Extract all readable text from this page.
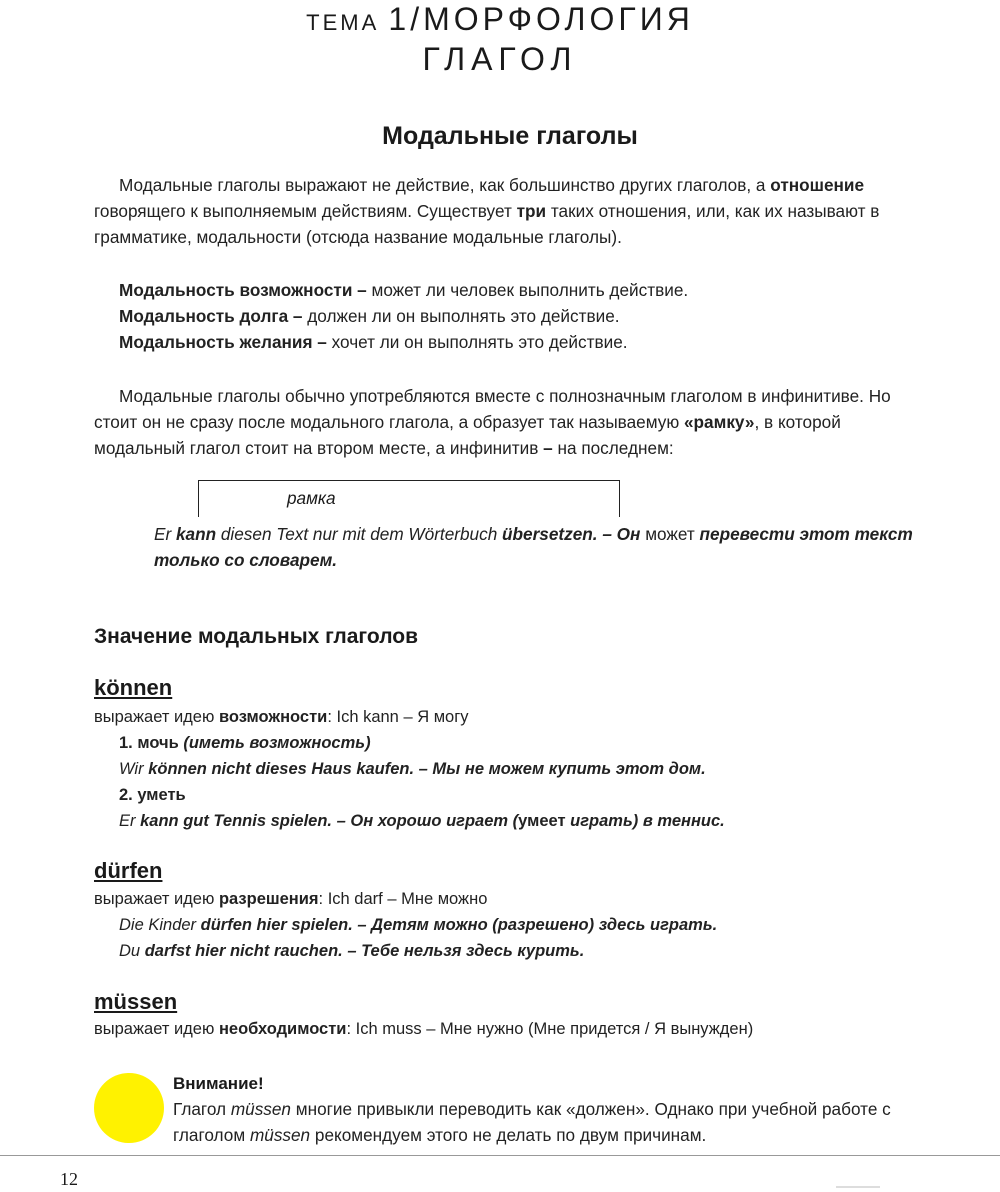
ТЕМА 1/МОРФОЛОГИЯ
ГЛАГОЛ
Модальные глаголы
Модальные глаголы выражают не действие, как большинство других глаголов, а отношение говорящего к выполняемым действиям. Существует три таких отношения, или, как их называют в грамматике, модальности (отсюда название модальные глаголы).
Модальность возможности – может ли человек выполнить действие.
Модальность долга – должен ли он выполнять это действие.
Модальность желания – хочет ли он выполнять это действие.
Модальные глаголы обычно употребляются вместе с полнозначным глаголом в инфинитиве. Но стоит он не сразу после модального глагола, а образует так называемую «рамку», в которой модальный глагол стоит на втором месте, а инфинитив – на последнем:
рамка
Er kann diesen Text nur mit dem Wörterbuch übersetzen. – Он может перевести этот текст только со словарем.
Значение модальных глаголов
können
выражает идею возможности: Ich kann – Я могу
1. мочь (иметь возможность)
Wir können nicht dieses Haus kaufen. – Мы не можем купить этот дом.
2. уметь
Er kann gut Tennis spielen. – Он хорошо играет (умеет играть) в теннис.
dürfen
выражает идею разрешения: Ich darf – Мне можно
Die Kinder dürfen hier spielen. – Детям можно (разрешено) здесь играть.
Du darfst hier nicht rauchen. – Тебе нельзя здесь курить.
müssen
выражает идею необходимости: Ich muss – Мне нужно (Мне придется / Я вынужден)
Внимание!
Глагол müssen многие привыкли переводить как «должен». Однако при учебной работе с глаголом müssen рекомендуем этого не делать по двум причинам.
12
